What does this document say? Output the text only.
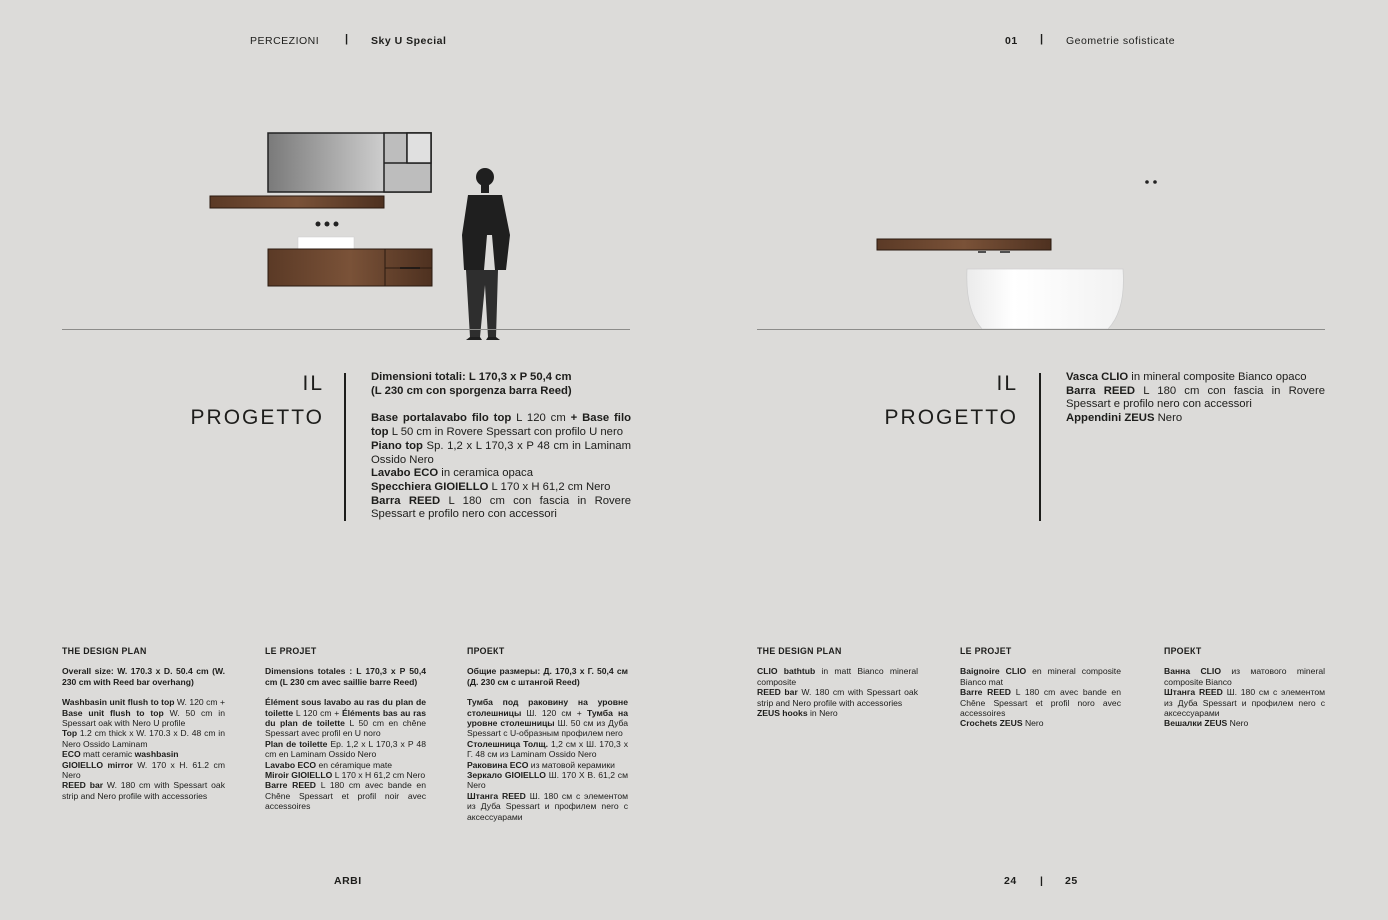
PERCEZIONI | Sky U Special	01 | Geometrie sofisticate
IL
PROGETTO

Dimensioni totali: L 170,3 x P 50,4 cm

(L 230 cm con sporgenza barra Reed)

Base portalavabo filo top L 120 cm + Base filo top L 50 cm in Rovere Spessart con profilo U nero

Piano top Sp. 1,2 x L 170,3 x P 48 cm in Laminam Ossido Nero

Lavabo ECO in ceramica opaca

Specchiera GIOIELLO L 170 x H 61,2 cm Nero

Barra REED L 180 cm con fascia in Rovere Spessart e profilo nero con accessori

IL
PROGETTO

Vasca CLIO in mineral composite Bianco opaco

Barra REED L 180 cm con fascia in Rovere Spessart e profilo nero con accessori

Appendini ZEUS Nero

THE DESIGN PLAN

Overall size: W. 170.3 x D. 50.4 cm (W. 230 cm with Reed bar overhang)

Washbasin unit flush to top W. 120 cm + Base unit flush to top W. 50 cm in Spessart oak with Nero U profile

Top 1.2 cm thick x W. 170.3 x D. 48 cm in Nero Ossido Laminam

ECO matt ceramic washbasin

GIOIELLO mirror W. 170 x H. 61.2 cm Nero

REED bar W. 180 cm with Spessart oak strip and Nero profile with accessories

LE PROJET

Dimensions totales : L 170,3 x P 50,4 cm (L 230 cm avec saillie barre Reed)

Élément sous lavabo au ras du plan de toilette L 120 cm + Éléments bas au ras du plan de toilette L 50 cm en chêne Spessart avec profil en U noro

Plan de toilette Ep. 1,2 x L 170,3 x P 48 cm en Laminam Ossido Nero

Lavabo ECO en céramique mate

Miroir GIOIELLO L 170 x H 61,2 cm Nero

Barre REED L 180 cm avec bande en Chêne Spessart et profil noir avec accessoires

ПРОЕКТ

Общие размеры: Д. 170,3 x Г. 50,4 см (Д. 230 см с штангой Reed)

Тумба под раковину на уровне столешницы Ш. 120 см + Тумба на уровне столешницы Ш. 50 см из Дуба Spessart с U-образным профилем nero

Столешница Толщ. 1,2 см x Ш. 170,3 x Г. 48 см из Laminam Ossido Nero

Раковина ECO из матовой керамики

Зеркало GIOIELLO Ш. 170 X В. 61,2 см Nero

Штанга REED Ш. 180 см с элементом из Дуба Spessart и профилем nero с аксессуарами

THE DESIGN PLAN

CLIO bathtub in matt Bianco mineral composite

REED bar W. 180 cm with Spessart oak strip and Nero profile with accessories

ZEUS hooks in Nero

LE PROJET

Baignoire CLIO en mineral composite Bianco mat

Barre REED L 180 cm avec bande en Chêne Spessart et profil noro avec accessoires

Crochets ZEUS Nero

ПРОЕКТ

Ванна CLIO из матового mineral composite Bianco

Штанга REED Ш. 180 см с элементом из Дуба Spessart и профилем nero с аксессуарами

Вешалки ZEUS Nero

ARBI	24 | 25
